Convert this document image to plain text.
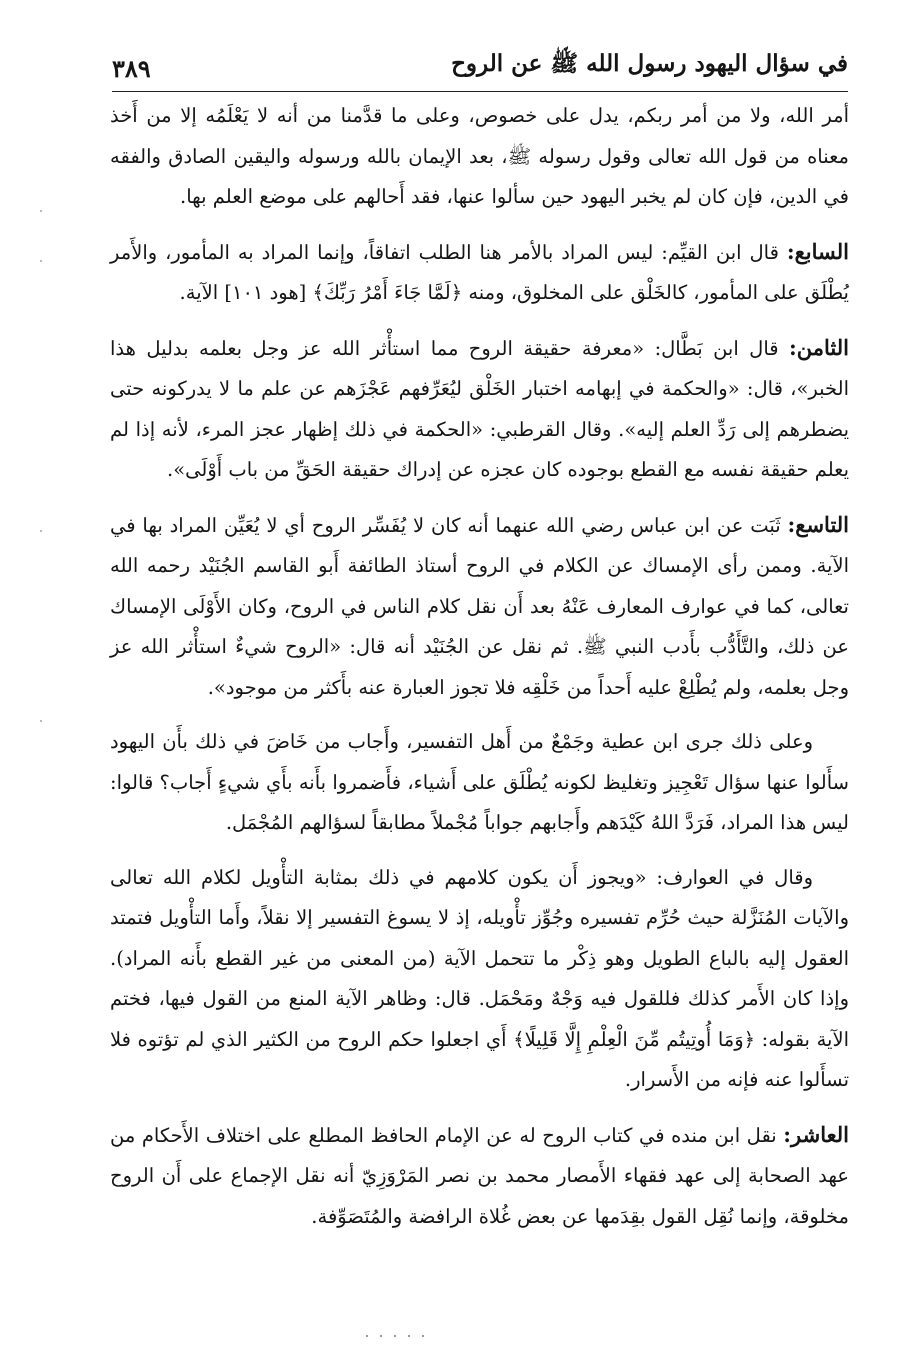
في سؤال اليهود رسول الله ﷺ عن الروح
٣٨٩

أمر الله، ولا من أمر ربكم، يدل على خصوص، وعلى ما قدَّمنا من أنه لا يَعْلَمُه إلا من أَخذ معناه من قول الله تعالى وقول رسوله ﷺ، بعد الإيمان بالله ورسوله واليقين الصادق والفقه في الدين، فإن كان لم يخبر اليهود حين سألوا عنها، فقد أَحالهم على موضع العلم بها.

السابع: قال ابن القيِّم: ليس المراد بالأمر هنا الطلب اتفاقاً، وإنما المراد به المأمور، والأَمر يُطْلَق على المأمور، كالخَلْق على المخلوق، ومنه ﴿لَمَّا جَاءَ أَمْرُ رَبِّكَ﴾ [هود ١٠١] الآية.

الثامن: قال ابن بَطَّال: «معرفة حقيقة الروح مما استأْثر الله عز وجل بعلمه بدليل هذا الخبر»، قال: «والحكمة في إبهامه اختبار الخَلْق ليُعَرِّفهم عَجْزَهم عن علم ما لا يدركونه حتى يضطرهم إلى رَدِّ العلم إليه». وقال القرطبي: «الحكمة في ذلك إظهار عجز المرء، لأنه إذا لم يعلم حقيقة نفسه مع القطع بوجوده كان عجزه عن إدراك حقيقة الحَقِّ من باب أَوْلَى».

التاسع: ثَبَت عن ابن عباس رضي الله عنهما أنه كان لا يُفَسِّر الروح أي لا يُعَيِّن المراد بها في الآية. وممن رأى الإمساك عن الكلام في الروح أستاذ الطائفة أَبو القاسم الجُنَيْد رحمه الله تعالى، كما في عوارف المعارف عَنْهُ بعد أَن نقل كلام الناس في الروح، وكان الأَوْلَى الإمساك عن ذلك، والتَّأَدُّب بأَدب النبي ﷺ. ثم نقل عن الجُنَيْد أنه قال: «الروح شيءٌ استأْثر الله عز وجل بعلمه، ولم يُطْلِعْ عليه أَحداً من خَلْقِه فلا تجوز العبارة عنه بأَكثر من موجود».

وعلى ذلك جرى ابن عطية وجَمْعٌ من أَهل التفسير، وأَجاب من خَاضَ في ذلك بأَن اليهود سأَلوا عنها سؤال تَعْجِيز وتغليظ لكونه يُطْلَق على أَشياء، فأَضمروا بأَنه بأَي شيءٍ أَجاب؟ قالوا: ليس هذا المراد، فَرَدَّ اللهُ كَيْدَهم وأَجابهم جواباً مُجْملاً مطابقاً لسؤالهم المُجْمَل.

وقال في العوارف: «ويجوز أَن يكون كلامهم في ذلك بمثابة التأْويل لكلام الله تعالى والآيات المُنَزَّلة حيث حُرِّم تفسيره وجُوِّز تأْويله، إذ لا يسوغ التفسير إلا نقلاً، وأَما التأْويل فتمتد العقول إليه بالباع الطويل وهو ذِكْر ما تتحمل الآية (من المعنى من غير القطع بأَنه المراد). وإذا كان الأَمر كذلك فللقول فيه وَجْهٌ ومَحْمَل. قال: وظاهر الآية المنع من القول فيها، فختم الآية بقوله: ﴿وَمَا أُوتِيتُم مِّنَ الْعِلْمِ إِلَّا قَلِيلًا﴾ أَي اجعلوا حكم الروح من الكثير الذي لم تؤتوه فلا تسأَلوا عنه فإنه من الأَسرار.

العاشر: نقل ابن منده في كتاب الروح له عن الإمام الحافظ المطلع على اختلاف الأَحكام من عهد الصحابة إلى عهد فقهاء الأَمصار محمد بن نصر المَرْوَزِيّ أنه نقل الإجماع على أَن الروح مخلوقة، وإنما نُقِل القول بقِدَمها عن بعض غُلاة الرافضة والمُتَصَوِّفة.
